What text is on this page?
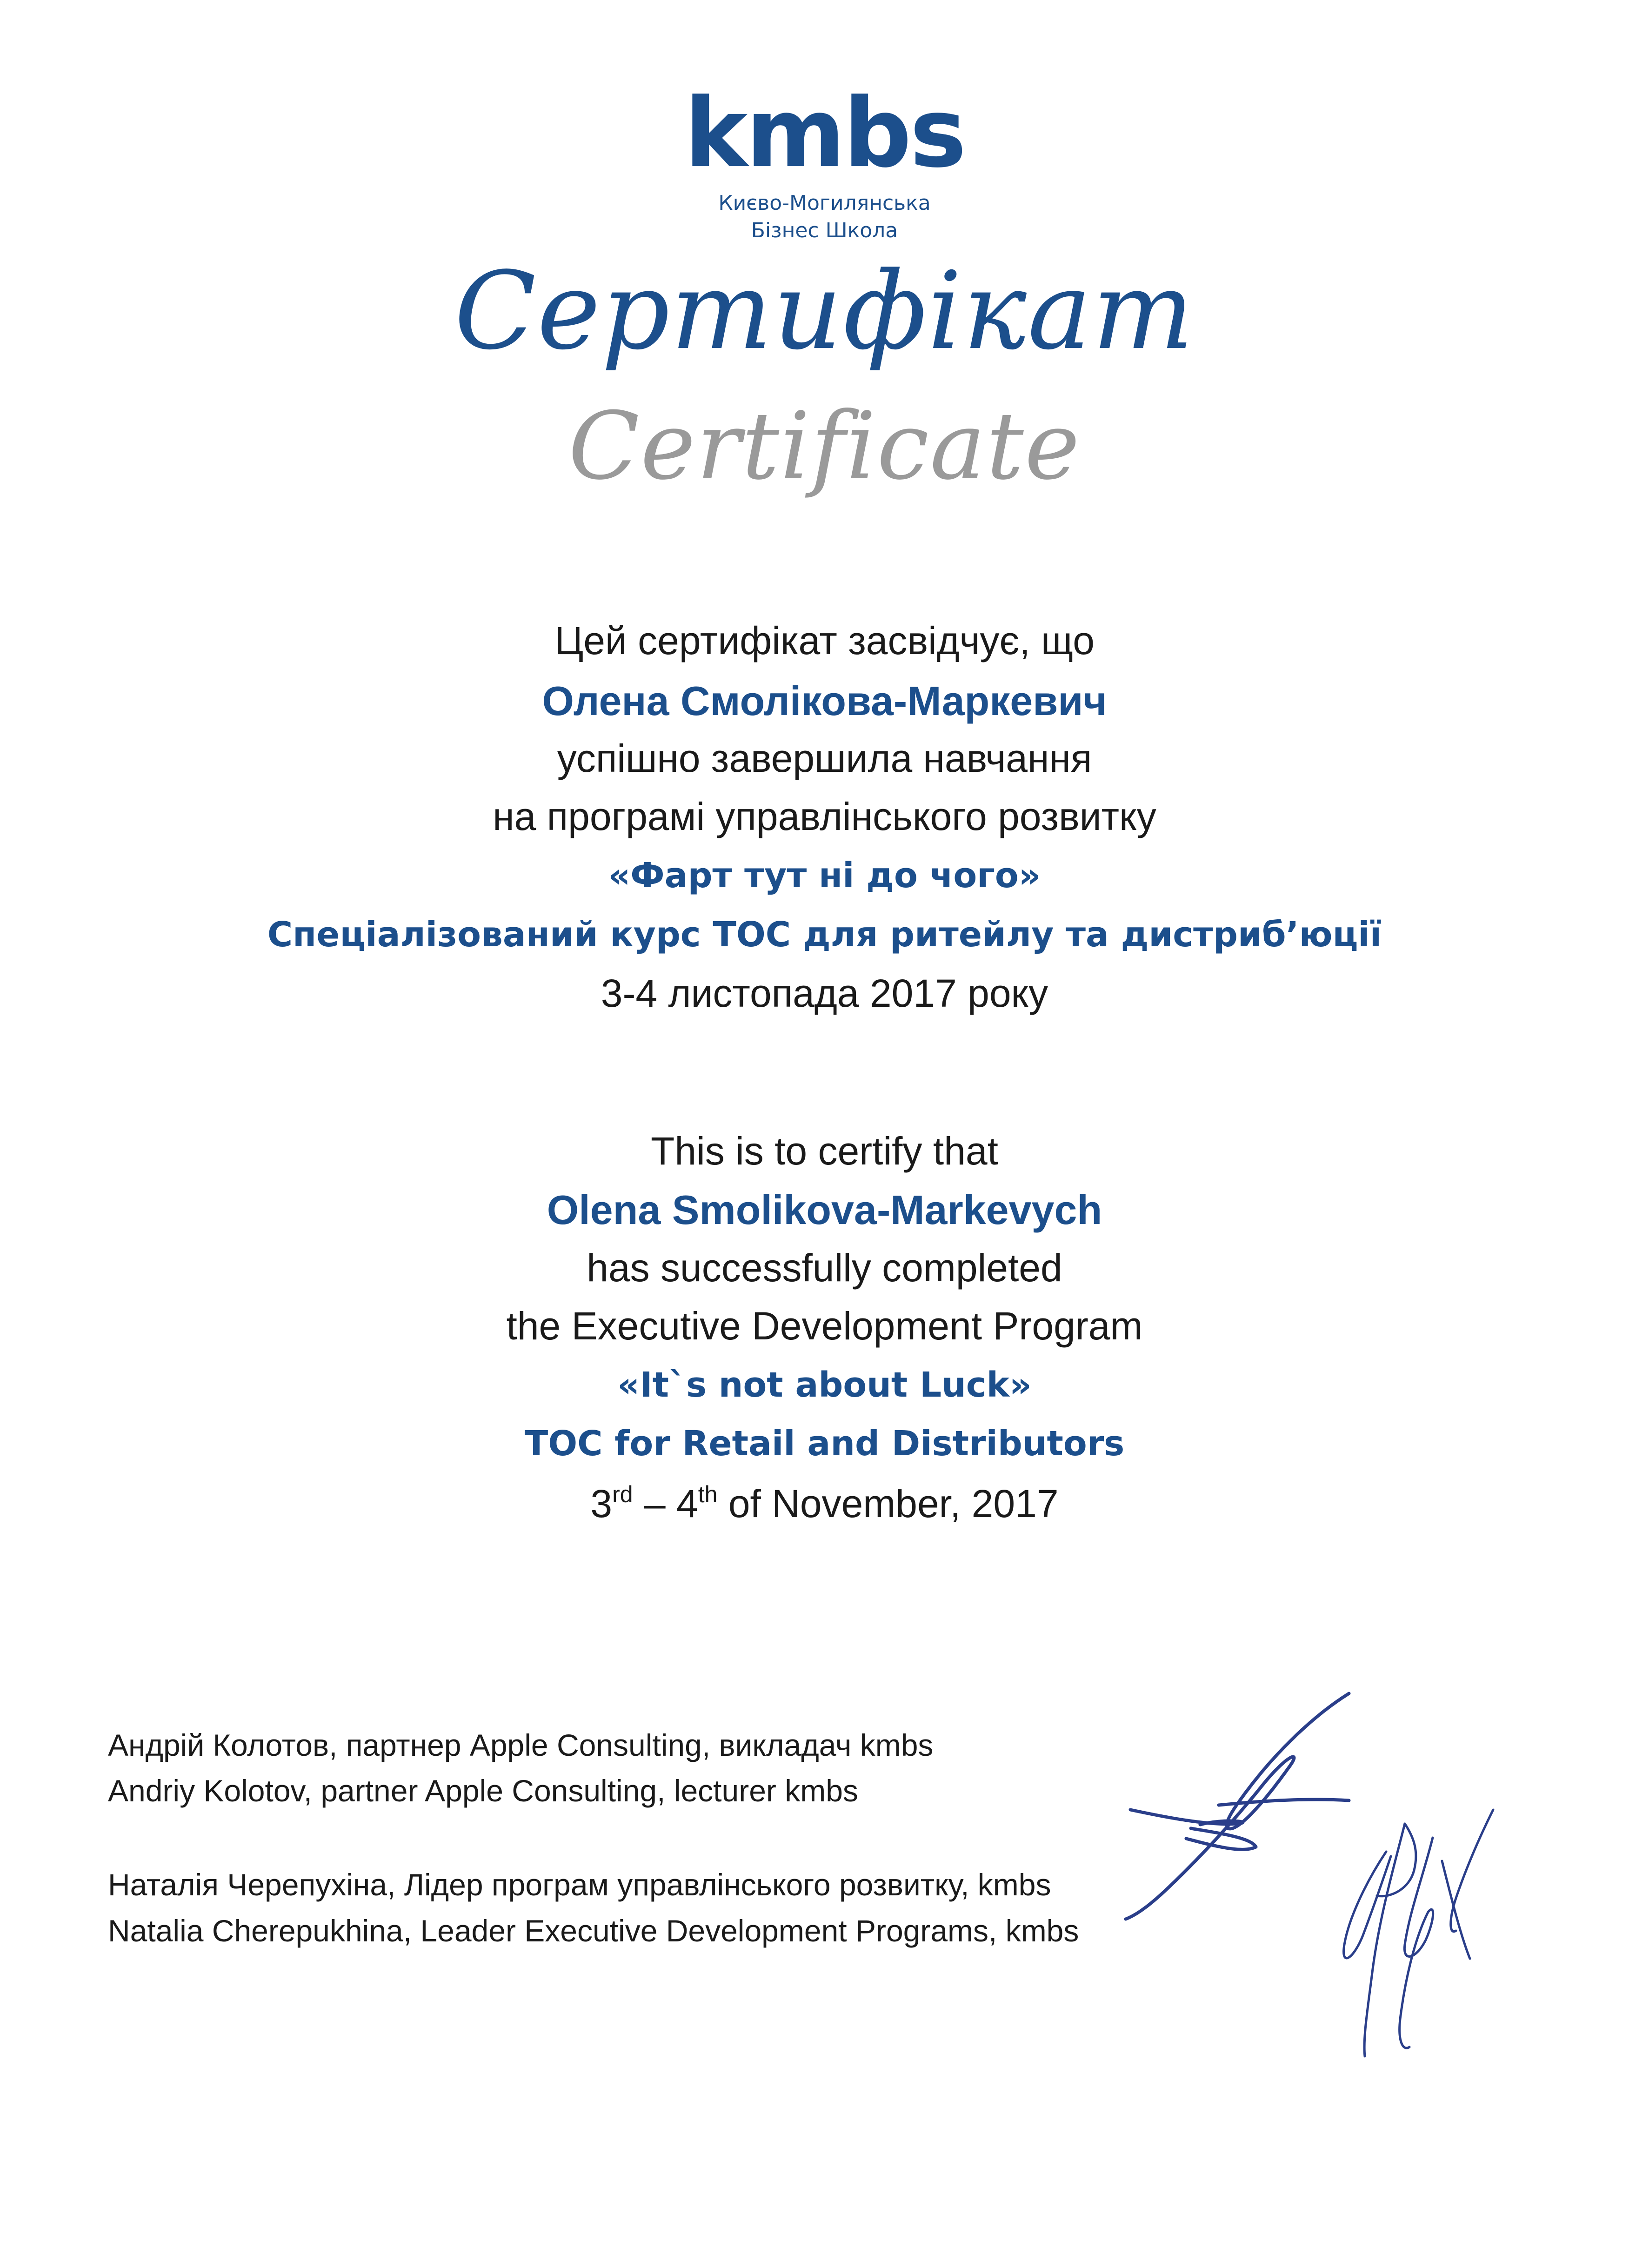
kmbs
Києво-Могилянська
Бізнес Школа
Сертифікат
Certificate
Цей сертифікат засвідчує, що
Олена Смолікова-Маркевич
успішно завершила навчання
на програмі управлінського розвитку
«Фарт тут ні до чого»
Спеціалізований курс ТОС для ритейлу та дистриб’юції
3-4 листопада 2017 року
This is to certify that
Olena Smolikova-Markevych
has successfully completed
the Executive Development Program
«It`s not about Luck»
TOC for Retail and Distributors
3rd – 4th of November, 2017
Андрій Колотов, партнер Apple Consulting, викладач kmbs
Andriy Kolotov, partner Apple Consulting, lecturer kmbs
Наталія Черепухіна, Лідер програм управлінського розвитку, kmbs
Natalia Cherepukhina, Leader Executive Development Programs, kmbs
